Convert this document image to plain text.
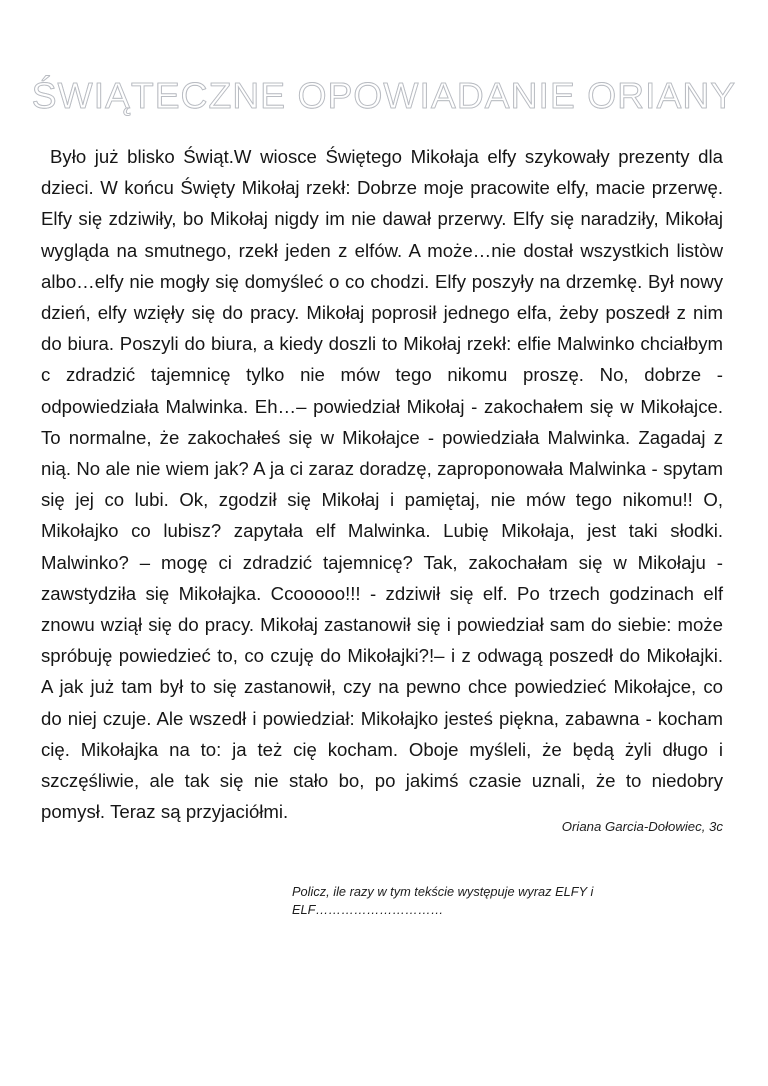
ŚWIĄTECZNE OPOWIADANIE ORIANY
Było już blisko Świąt.W wiosce Świętego Mikołaja elfy szykowały prezenty dla dzieci. W końcu Święty Mikołaj rzekł: Dobrze moje pracowite elfy, macie przerwę. Elfy się zdziwiły, bo Mikołaj nigdy im nie dawał przerwy. Elfy się naradziły, Mikołaj wygląda na smutnego, rzekł jeden z elfów. A może…nie dostał wszystkich listòw albo…elfy nie mogły się domyśleć o co chodzi. Elfy poszyły na drzemkę. Był nowy dzień, elfy wzięły się do pracy. Mikołaj poprosił jednego elfa, żeby poszedł z nim do biura. Poszyli do biura, a kiedy doszli to Mikołaj rzekł: elfie Malwinko chciałbym c zdradzić tajemnicę tylko nie mów tego nikomu proszę. No, dobrze - odpowiedziała Malwinka. Eh…– powiedział Mikołaj - zakochałem się w Mikołajce. To normalne, że zakochałeś się w Mikołajce - powiedziała Malwinka. Zagadaj z nią. No ale nie wiem jak? A ja ci zaraz doradzę, zaproponowała Malwinka - spytam się jej co lubi. Ok, zgodził się Mikołaj i pamiętaj, nie mów tego nikomu!! O, Mikołajko co lubisz? zapytała elf Malwinka. Lubię Mikołaja, jest taki słodki. Malwinko? – mogę ci zdradzić tajemnicę? Tak, zakochałam się w Mikołaju - zawstydziła się Mikołajka. Ccooooo!!! - zdziwił się elf. Po trzech godzinach elf znowu wziął się do pracy. Mikołaj zastanowił się i powiedział sam do siebie: może spróbuję powiedzieć to, co czuję do Mikołajki?!– i z odwagą poszedł do Mikołajki. A jak już tam był to się zastanowił, czy na pewno chce powiedzieć Mikołajce, co do niej czuje. Ale wszedł i powiedział: Mikołajko jesteś piękna, zabawna - kocham cię. Mikołajka na to: ja też cię kocham. Oboje myśleli, że będą żyli długo i szczęśliwie, ale tak się nie stało bo, po jakimś czasie uznali, że to niedobry pomysł. Teraz są przyjaciółmi.
Oriana Garcia-Dołowiec, 3c
Policz, ile razy w tym tekście występuje wyraz ELFY i ELF…………………………
